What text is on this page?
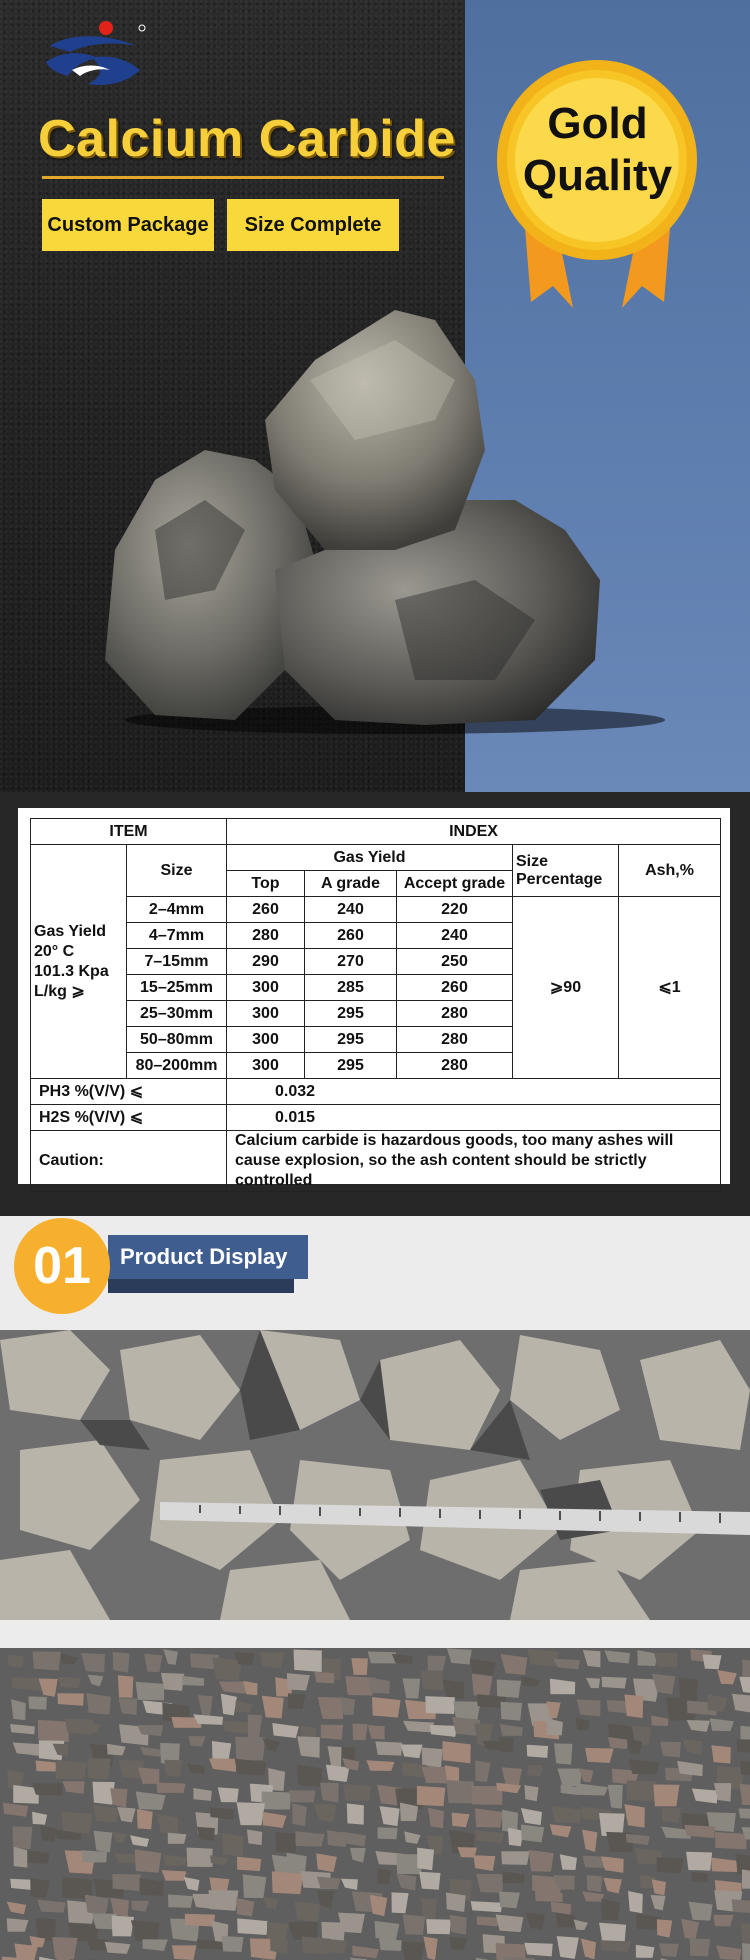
Calcium Carbide
Custom Package	Size Complete
Gold
Quality
ITEM		INDEX				

Gas Yield
20° C
101.3 Kpa
L/kg ⩾	Size	Gas Yield			Size Percentage	Ash,%
		Top	A grade	Accept grade		
	2–4mm	260	240	220	⩾90	⩽1
	4–7mm	280	260	240		
	7–15mm	290	270	250		
	15–25mm	300	285	260		
	25–30mm	300	295	280		
	50–80mm	300	295	280		
	80–200mm	300	295	280		
PH3 %(V/V) ⩽		0.032				
H2S %(V/V) ⩽		0.015				
Caution:		Calcium carbide is hazardous goods, too many ashes will cause explosion, so the ash content should be strictly controlled				
Product Display
01
